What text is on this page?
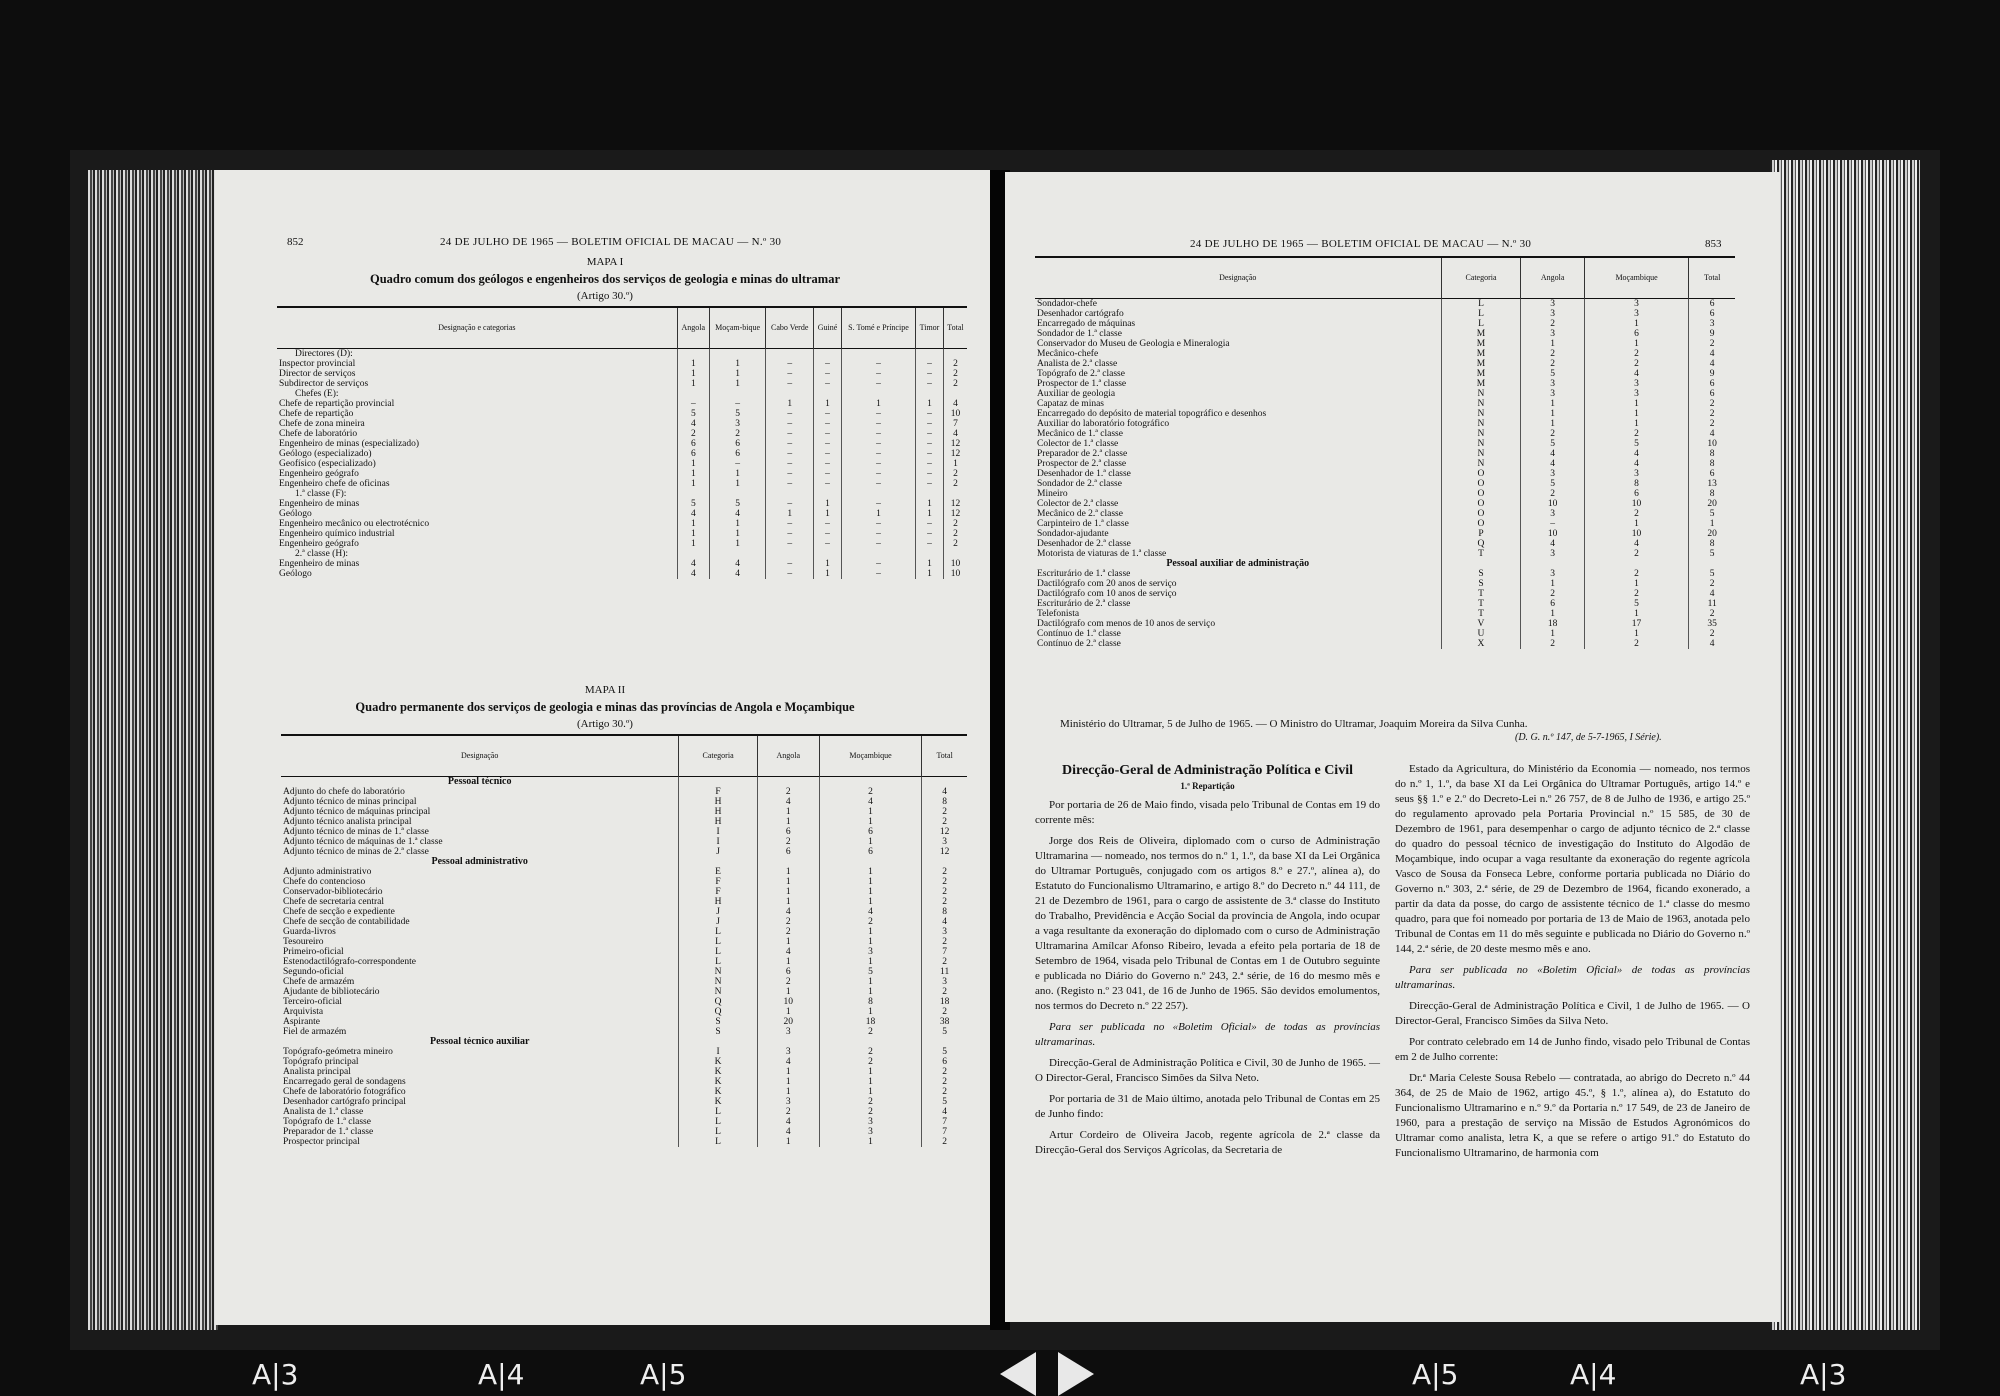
852	24 DE JULHO DE 1965 — BOLETIM OFICIAL DE MACAU — N.º 30
MAPA I
Quadro comum dos geólogos e engenheiros dos serviços de geologia e minas do ultramar
(Artigo 30.º)
Designação e categorias	Angola	Moçam-bique	Cabo Verde	Guiné	S. Tomé e Príncipe	Timor	Total
Directores (D):							
Inspector provincial	1	1	–	–	–	–	2
Director de serviços	1	1	–	–	–	–	2
Subdirector de serviços	1	1	–	–	–	–	2
Chefes (E):							
Chefe de repartição provincial	–	–	1	1	1	1	4
Chefe de repartição	5	5	–	–	–	–	10
Chefe de zona mineira	4	3	–	–	–	–	7
Chefe de laboratório	2	2	–	–	–	–	4
Engenheiro de minas (especializado)	6	6	–	–	–	–	12
Geólogo (especializado)	6	6	–	–	–	–	12
Geofísico (especializado)	1	–	–	–	–	–	1
Engenheiro geógrafo	1	1	–	–	–	–	2
Engenheiro chefe de oficinas	1	1	–	–	–	–	2
1.ª classe (F):							
Engenheiro de minas	5	5	–	1	–	1	12
Geólogo	4	4	1	1	1	1	12
Engenheiro mecânico ou electrotécnico	1	1	–	–	–	–	2
Engenheiro químico industrial	1	1	–	–	–	–	2
Engenheiro geógrafo	1	1	–	–	–	–	2
2.ª classe (H):							
Engenheiro de minas	4	4	–	1	–	1	10
Geólogo	4	4	–	1	–	1	10
MAPA II
Quadro permanente dos serviços de geologia e minas das províncias de Angola e Moçambique
(Artigo 30.º)
Designação	Categoria	Angola	Moçambique	Total
Pessoal técnico				
Adjunto do chefe do laboratório	F	2	2	4
Adjunto técnico de minas principal	H	4	4	8
Adjunto técnico de máquinas principal	H	1	1	2
Adjunto técnico analista principal	H	1	1	2
Adjunto técnico de minas de 1.ª classe	I	6	6	12
Adjunto técnico de máquinas de 1.ª classe	I	2	1	3
Adjunto técnico de minas de 2.ª classe	J	6	6	12
Pessoal administrativo				
Adjunto administrativo	E	1	1	2
Chefe do contencioso	F	1	1	2
Conservador-bibliotecário	F	1	1	2
Chefe de secretaria central	H	1	1	2
Chefe de secção e expediente	J	4	4	8
Chefe de secção de contabilidade	J	2	2	4
Guarda-livros	L	2	1	3
Tesoureiro	L	1	1	2
Primeiro-oficial	L	4	3	7
Estenodactilógrafo-correspondente	L	1	1	2
Segundo-oficial	N	6	5	11
Chefe de armazém	N	2	1	3
Ajudante de bibliotecário	N	1	1	2
Terceiro-oficial	Q	10	8	18
Arquivista	Q	1	1	2
Aspirante	S	20	18	38
Fiel de armazém	S	3	2	5
Pessoal técnico auxiliar				
Topógrafo-geómetra mineiro	I	3	2	5
Topógrafo principal	K	4	2	6
Analista principal	K	1	1	2
Encarregado geral de sondagens	K	1	1	2
Chefe de laboratório fotográfico	K	1	1	2
Desenhador cartógrafo principal	K	3	2	5
Analista de 1.ª classe	L	2	2	4
Topógrafo de 1.ª classe	L	4	3	7
Preparador de 1.ª classe	L	4	3	7
Prospector principal	L	1	1	2
24 DE JULHO DE 1965 — BOLETIM OFICIAL DE MACAU — N.º 30	853
Designação	Categoria	Angola	Moçambique	Total
Sondador-chefe	L	3	3	6
Desenhador cartógrafo	L	3	3	6
Encarregado de máquinas	L	2	1	3
Sondador de 1.ª classe	M	3	6	9
Conservador do Museu de Geologia e Mineralogia	M	1	1	2
Mecânico-chefe	M	2	2	4
Analista de 2.ª classe	M	2	2	4
Topógrafo de 2.ª classe	M	5	4	9
Prospector de 1.ª classe	M	3	3	6
Auxiliar de geologia	N	3	3	6
Capataz de minas	N	1	1	2
Encarregado do depósito de material topográfico e desenhos	N	1	1	2
Auxiliar do laboratório fotográfico	N	1	1	2
Mecânico de 1.ª classe	N	2	2	4
Colector de 1.ª classe	N	5	5	10
Preparador de 2.ª classe	N	4	4	8
Prospector de 2.ª classe	N	4	4	8
Desenhador de 1.ª classe	O	3	3	6
Sondador de 2.ª classe	O	5	8	13
Mineiro	O	2	6	8
Colector de 2.ª classe	O	10	10	20
Mecânico de 2.ª classe	O	3	2	5
Carpinteiro de 1.ª classe	O	–	1	1
Sondador-ajudante	P	10	10	20
Desenhador de 2.ª classe	Q	4	4	8
Motorista de viaturas de 1.ª classe	T	3	2	5
Pessoal auxiliar de administração				
Escriturário de 1.ª classe	S	3	2	5
Dactilógrafo com 20 anos de serviço	S	1	1	2
Dactilógrafo com 10 anos de serviço	T	2	2	4
Escriturário de 2.ª classe	T	6	5	11
Telefonista	T	1	1	2
Dactilógrafo com menos de 10 anos de serviço	V	18	17	35
Contínuo de 1.ª classe	U	1	1	2
Contínuo de 2.ª classe	X	2	2	4
Ministério do Ultramar, 5 de Julho de 1965. — O Ministro do Ultramar, Joaquim Moreira da Silva Cunha.
(D. G. n.º 147, de 5-7-1965, I Série).
Direcção-Geral de Administração Política e Civil
1.ª Repartição

Por portaria de 26 de Maio findo, visada pelo Tribunal de Contas em 19 do corrente mês:

Jorge dos Reis de Oliveira, diplomado com o curso de Administração Ultramarina — nomeado, nos termos do n.º 1, 1.º, da base XI da Lei Orgânica do Ultramar Português, conjugado com os artigos 8.º e 27.º, alínea a), do Estatuto do Funcionalismo Ultramarino, e artigo 8.º do Decreto n.º 44 111, de 21 de Dezembro de 1961, para o cargo de assistente de 3.ª classe do Instituto do Trabalho, Previdência e Acção Social da província de Angola, indo ocupar a vaga resultante da exoneração do diplomado com o curso de Administração Ultramarina Amílcar Afonso Ribeiro, levada a efeito pela portaria de 18 de Setembro de 1964, visada pelo Tribunal de Contas em 1 de Outubro seguinte e publicada no Diário do Governo n.º 243, 2.ª série, de 16 do mesmo mês e ano. (Registo n.º 23 041, de 16 de Junho de 1965. São devidos emolumentos, nos termos do Decreto n.º 22 257).

Para ser publicada no «Boletim Oficial» de todas as províncias ultramarinas.

Direcção-Geral de Administração Política e Civil, 30 de Junho de 1965. — O Director-Geral, Francisco Simões da Silva Neto.

Por portaria de 31 de Maio último, anotada pelo Tribunal de Contas em 25 de Junho findo:

Artur Cordeiro de Oliveira Jacob, regente agrícola de 2.ª classe da Direcção-Geral dos Serviços Agrícolas, da Secretaria de

Estado da Agricultura, do Ministério da Economia — nomeado, nos termos do n.º 1, 1.º, da base XI da Lei Orgânica do Ultramar Português, artigo 14.º e seus §§ 1.º e 2.º do Decreto-Lei n.º 26 757, de 8 de Julho de 1936, e artigo 25.º do regulamento aprovado pela Portaria Provincial n.º 15 585, de 30 de Dezembro de 1961, para desempenhar o cargo de adjunto técnico de 2.ª classe do quadro do pessoal técnico de investigação do Instituto do Algodão de Moçambique, indo ocupar a vaga resultante da exoneração do regente agrícola Vasco de Sousa da Fonseca Lebre, conforme portaria publicada no Diário do Governo n.º 303, 2.ª série, de 29 de Dezembro de 1964, ficando exonerado, a partir da data da posse, do cargo de assistente técnico de 1.ª classe do mesmo quadro, para que foi nomeado por portaria de 13 de Maio de 1963, anotada pelo Tribunal de Contas em 11 do mês seguinte e publicada no Diário do Governo n.º 144, 2.ª série, de 20 deste mesmo mês e ano.

Para ser publicada no «Boletim Oficial» de todas as províncias ultramarinas.

Direcção-Geral de Administração Política e Civil, 1 de Julho de 1965. — O Director-Geral, Francisco Simões da Silva Neto.

Por contrato celebrado em 14 de Junho findo, visado pelo Tribunal de Contas em 2 de Julho corrente:

Dr.ª Maria Celeste Sousa Rebelo — contratada, ao abrigo do Decreto n.º 44 364, de 25 de Maio de 1962, artigo 45.º, § 1.º, alínea a), do Estatuto do Funcionalismo Ultramarino e n.º 9.º da Portaria n.º 17 549, de 23 de Janeiro de 1960, para a prestação de serviço na Missão de Estudos Agronómicos do Ultramar como analista, letra K, a que se refere o artigo 91.º do Estatuto do Funcionalismo Ultramarino, de harmonia com

A|3	A|4	A|5	A|5	A|4	A|3
